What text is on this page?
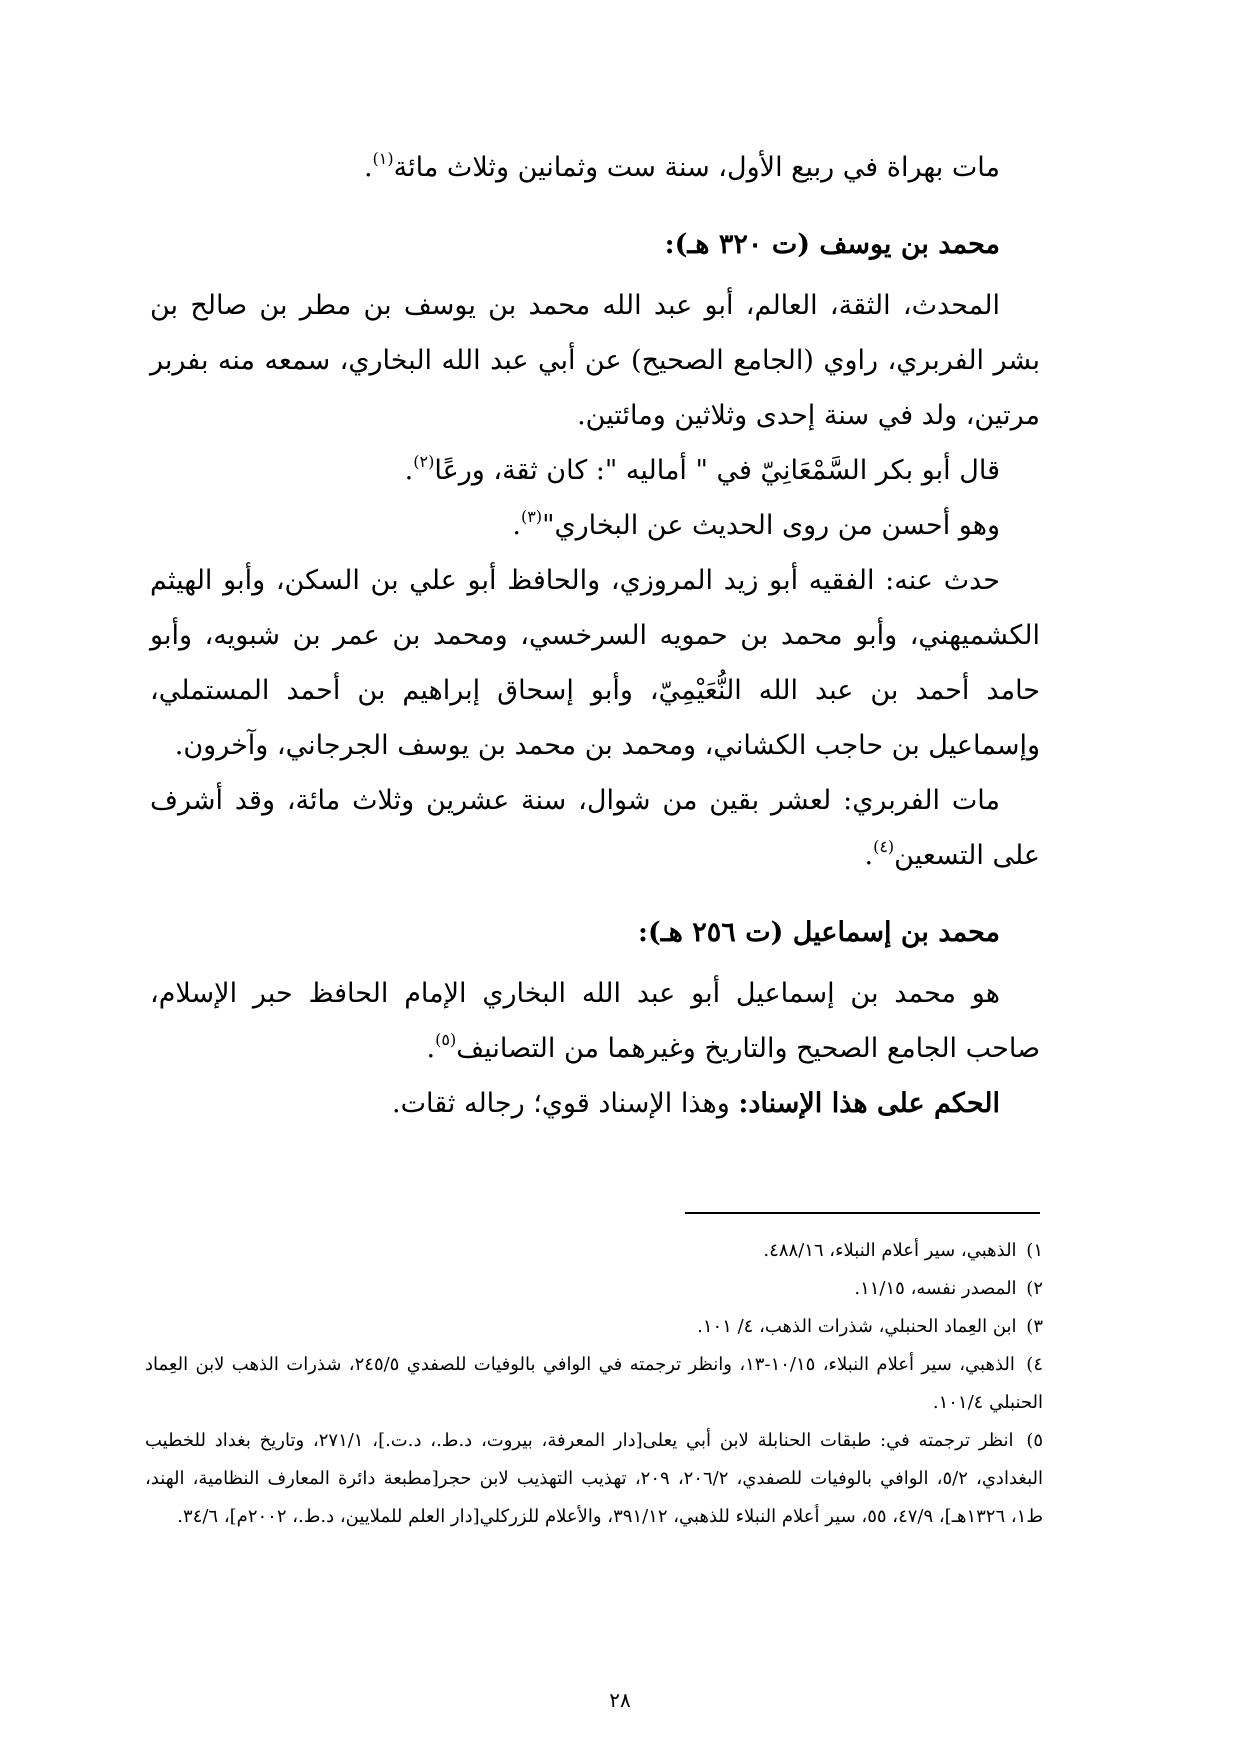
مات بهراة في ربيع الأول، سنة ست وثمانين وثلاث مائة$^{(١)}$.

محمد بن يوسف (ت ٣٢٠ هـ):

المحدث، الثقة، العالم، أبو عبد الله محمد بن يوسف بن مطر بن صالح بن بشر الفربري، راوي (الجامع الصحيح) عن أبي عبد الله البخاري، سمعه منه بفربر مرتين، ولد في سنة إحدى وثلاثين ومائتين.

قال أبو بكر السَّمْعَانِيّ في " أماليه ": كان ثقة، ورعًا$^{(٢)}$.

وهو أحسن من روى الحديث عن البخاري"$^{(٣)}$.

حدث عنه: الفقيه أبو زيد المروزي، والحافظ أبو علي بن السكن، وأبو الهيثم الكشميهني، وأبو محمد بن حمويه السرخسي، ومحمد بن عمر بن شبويه، وأبو حامد أحمد بن عبد الله النُّعَيْمِيّ، وأبو إسحاق إبراهيم بن أحمد المستملي، وإسماعيل بن حاجب الكشاني، ومحمد بن محمد بن يوسف الجرجاني، وآخرون.

مات الفربري: لعشر بقين من شوال، سنة عشرين وثلاث مائة، وقد أشرف على التسعين$^{(٤)}$.

محمد بن إسماعيل (ت ٢٥٦ هـ):

هو محمد بن إسماعيل أبو عبد الله البخاري الإمام الحافظ حبر الإسلام، صاحب الجامع الصحيح والتاريخ وغيرهما من التصانيف$^{(٥)}$.

الحكم على هذا الإسناد: وهذا الإسناد قوي؛ رجاله ثقات.

١) الذهبي، سير أعلام النبلاء، ٤٨٨/١٦.

٢) المصدر نفسه، ١١/١٥.

٣) ابن العِماد الحنبلي، شذرات الذهب، ٤/ ١٠١.

٤) الذهبي، سير أعلام النبلاء، ١٠/١٥-١٣، وانظر ترجمته في الوافي بالوفيات للصفدي ٢٤٥/٥، شذرات الذهب لابن العِماد الحنبلي ١٠١/٤.

٥) انظر ترجمته في: طبقات الحنابلة لابن أبي يعلى[دار المعرفة، بيروت، د.ط.، د.ت.]، ٢٧١/١، وتاريخ بغداد للخطيب البغدادي، ٥/٢، الوافي بالوفيات للصفدي، ٢٠٦/٢، ٢٠٩، تهذيب التهذيب لابن حجر[مطبعة دائرة المعارف النظامية، الهند، ط١، ١٣٢٦هـ]، ٤٧/٩، ٥٥، سير أعلام النبلاء للذهبي، ٣٩١/١٢، والأعلام للزركلي[دار العلم للملايين، د.ط.، ٢٠٠٢م]، ٣٤/٦.

٢٨
